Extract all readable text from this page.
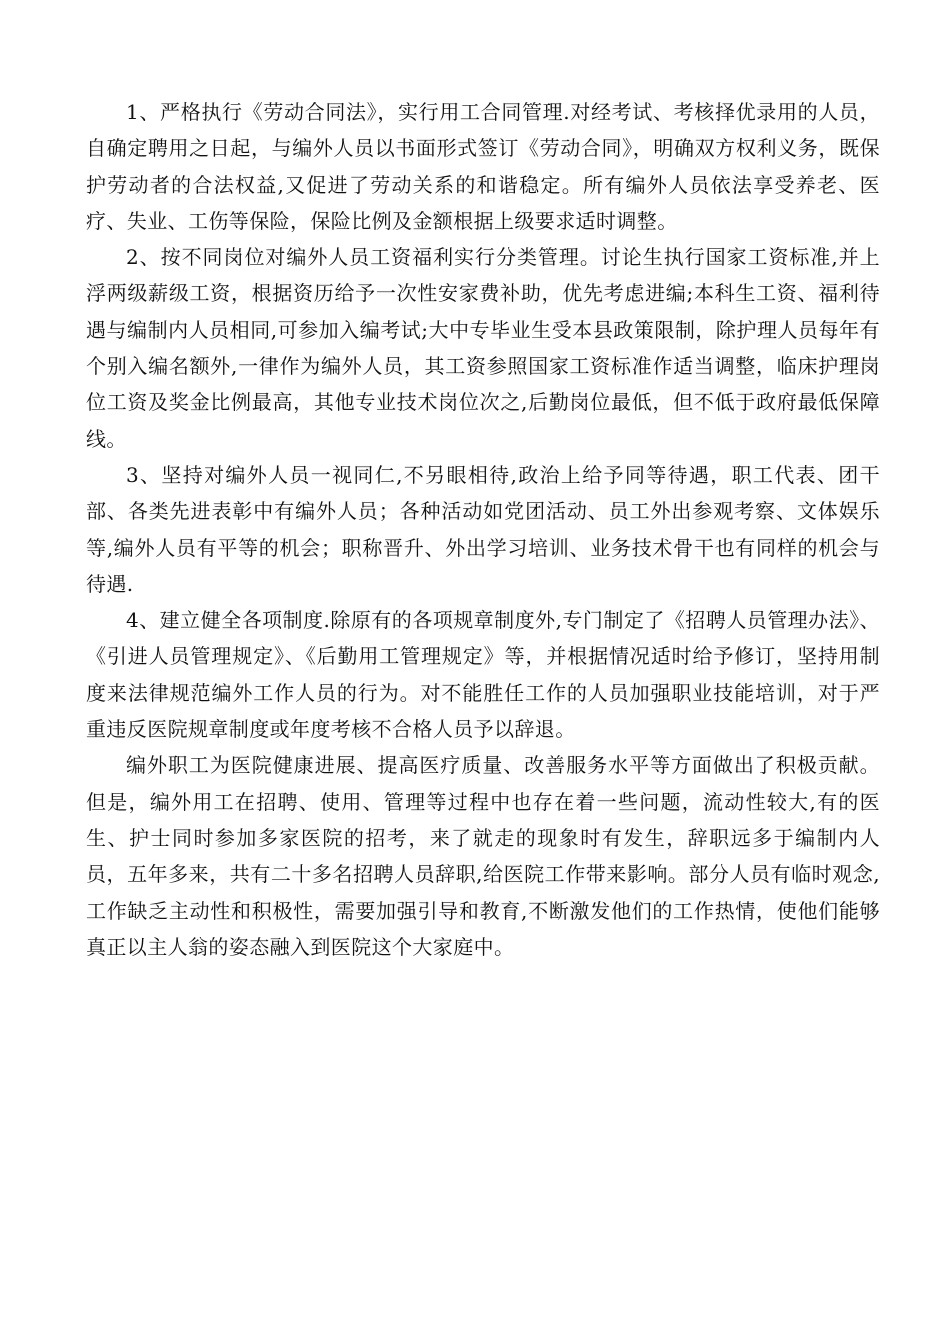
1、严格执行《劳动合同法》，实行用工合同管理.对经考试、考核择优录用的人员，自确定聘用之日起，与编外人员以书面形式签订《劳动合同》，明确双方权利义务，既保护劳动者的合法权益,又促进了劳动关系的和谐稳定。所有编外人员依法享受养老、医疗、失业、工伤等保险，保险比例及金额根据上级要求适时调整。

2、按不同岗位对编外人员工资福利实行分类管理。讨论生执行国家工资标准,并上浮两级薪级工资，根据资历给予一次性安家费补助，优先考虑进编;本科生工资、福利待遇与编制内人员相同,可参加入编考试;大中专毕业生受本县政策限制，除护理人员每年有个别入编名额外,一律作为编外人员，其工资参照国家工资标准作适当调整，临床护理岗位工资及奖金比例最高，其他专业技术岗位次之,后勤岗位最低，但不低于政府最低保障线。

3、坚持对编外人员一视同仁,不另眼相待,政治上给予同等待遇，职工代表、团干部、各类先进表彰中有编外人员；各种活动如党团活动、员工外出参观考察、文体娱乐等,编外人员有平等的机会；职称晋升、外出学习培训、业务技术骨干也有同样的机会与待遇.

4、建立健全各项制度.除原有的各项规章制度外,专门制定了《招聘人员管理办法》、《引进人员管理规定》、《后勤用工管理规定》等，并根据情况适时给予修订，坚持用制度来法律规范编外工作人员的行为。对不能胜任工作的人员加强职业技能培训，对于严重违反医院规章制度或年度考核不合格人员予以辞退。

编外职工为医院健康进展、提高医疗质量、改善服务水平等方面做出了积极贡献。但是，编外用工在招聘、使用、管理等过程中也存在着一些问题，流动性较大,有的医生、护士同时参加多家医院的招考，来了就走的现象时有发生，辞职远多于编制内人员，五年多来，共有二十多名招聘人员辞职,给医院工作带来影响。部分人员有临时观念,工作缺乏主动性和积极性，需要加强引导和教育,不断激发他们的工作热情，使他们能够真正以主人翁的姿态融入到医院这个大家庭中。
